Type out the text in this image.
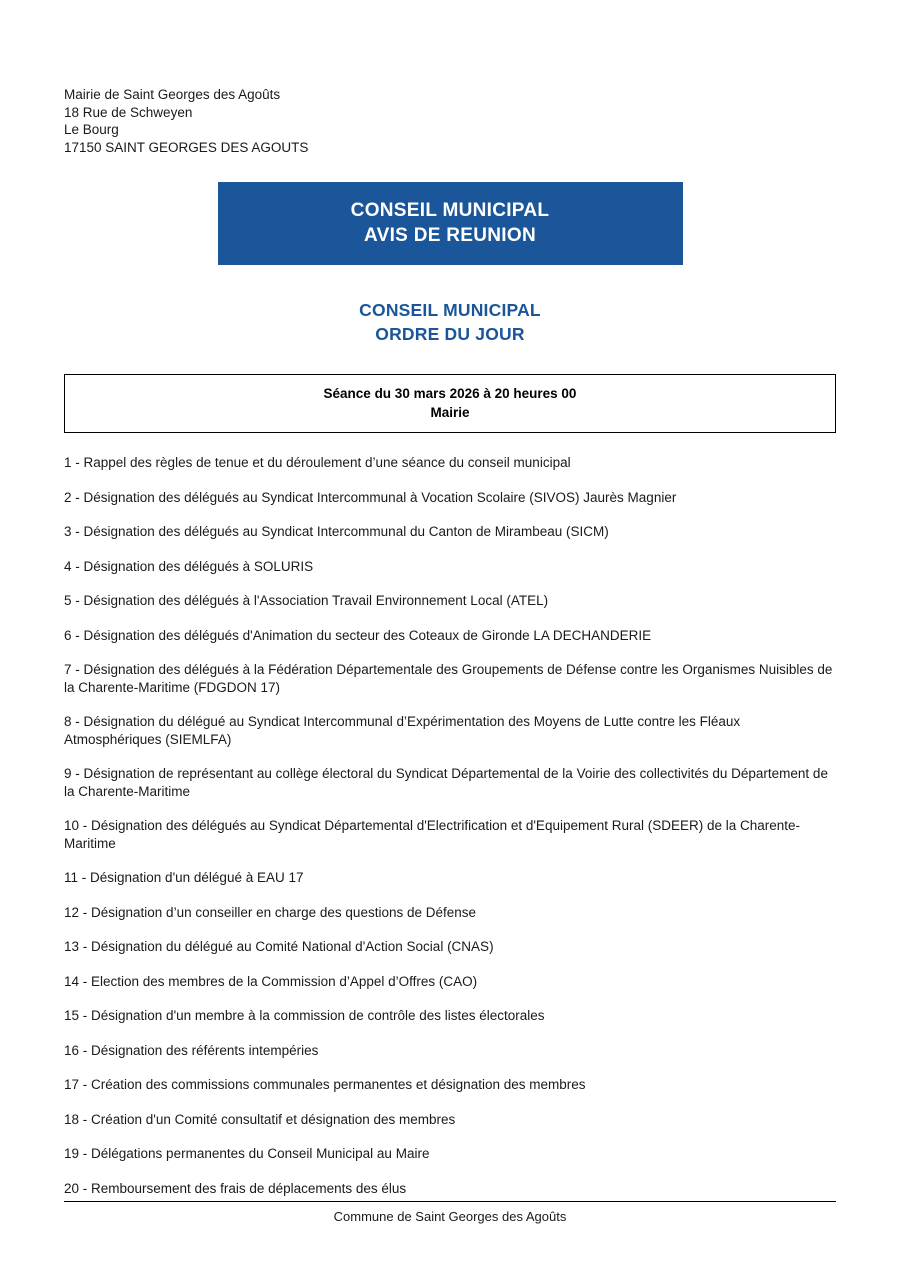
Mairie de Saint Georges des Agoûts
18 Rue de Schweyen
Le Bourg
17150 SAINT GEORGES DES AGOUTS
CONSEIL MUNICIPAL
AVIS DE REUNION
CONSEIL MUNICIPAL
ORDRE DU JOUR
Séance du 30 mars 2026 à 20 heures 00
Mairie
1 - Rappel des règles de tenue et du déroulement d’une séance du conseil municipal
2 - Désignation des délégués au Syndicat Intercommunal à Vocation Scolaire (SIVOS) Jaurès Magnier
3 - Désignation des délégués au Syndicat Intercommunal du Canton de Mirambeau (SICM)
4 - Désignation des délégués à SOLURIS
5 - Désignation des délégués à l'Association Travail Environnement Local (ATEL)
6 - Désignation des délégués d'Animation du secteur des Coteaux de Gironde LA DECHANDERIE
7 - Désignation des délégués à la Fédération Départementale des Groupements de Défense contre les Organismes Nuisibles de la Charente-Maritime (FDGDON 17)
8 - Désignation du délégué au Syndicat Intercommunal d’Expérimentation des Moyens de Lutte contre les Fléaux Atmosphériques (SIEMLFA)
9 - Désignation de représentant au collège électoral du Syndicat Départemental de la Voirie des collectivités du Département de la Charente-Maritime
10 - Désignation des délégués au Syndicat Départemental d'Electrification et d'Equipement Rural (SDEER) de la Charente-Maritime
11 - Désignation d'un délégué à EAU 17
12 - Désignation d’un conseiller en charge des questions de Défense
13 - Désignation du délégué au Comité National d'Action Social (CNAS)
14 - Election des membres de la Commission d’Appel d’Offres (CAO)
15 - Désignation d'un membre à la commission de contrôle des listes électorales
16 - Désignation des référents intempéries
17 - Création des commissions communales permanentes et désignation des membres
18 - Création d'un Comité consultatif et désignation des membres
19 - Délégations permanentes du Conseil Municipal au Maire
20 - Remboursement des frais de déplacements des élus
Commune de Saint Georges des Agoûts
